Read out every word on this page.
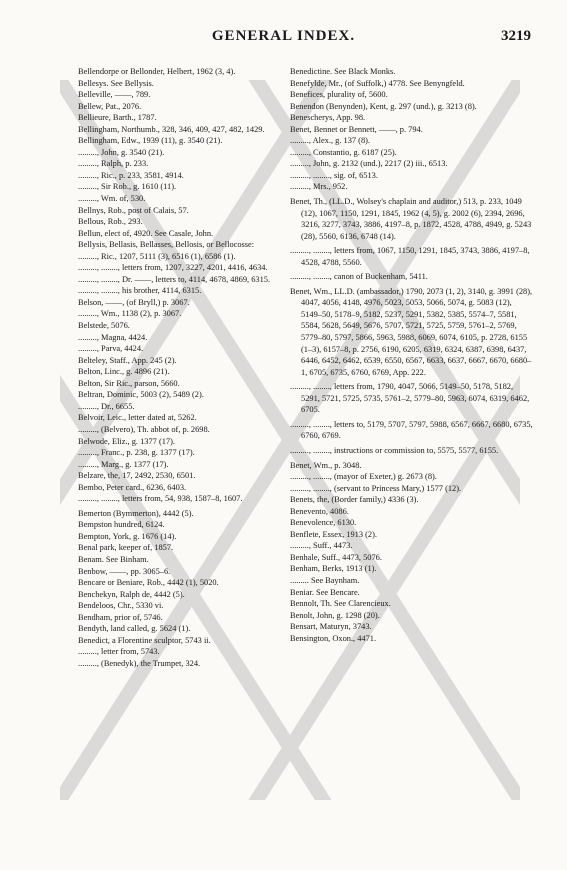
GENERAL INDEX.	3219

Bellendorpe or Bellonder, Helbert, 1962 (3, 4).

Bellesys. See Bellysis.

Belleville, ——, 789.

Bellew, Pat., 2076.

Bellieure, Barth., 1787.

Bellingham, Northumb., 328, 346, 409, 427, 482, 1429.

Bellingham, Edw., 1939 (11), g. 3540 (21).

........., John, g. 3540 (21).

........., Ralph, p. 233.

........., Ric., p. 233, 3581, 4914.

........., Sir Rob., g. 1610 (11).

........., Wm. of, 530.

Bellnys, Rob., post of Calais, 57.

Bellous, Rob., 293.

Bellun, elect of, 4920. See Casale, John.

Bellysis, Bellasis, Bellasses, Bellosis, or Bellocosse:

........., Ric., 1207, 5111 (3), 6516 (1), 6586 (1).

........., ........, letters from, 1207, 3227, 4201, 4416, 4634.

........., ........, Dr. ——, letters to, 4114, 4678, 4869, 6315.

........., ........, his brother, 4114, 6315.

Belson, ——, (of Bryll,) p. 3067.

........., Wm., 1138 (2), p. 3067.

Belstede, 5076.

........., Magna, 4424.

........., Parva, 4424.

Belteley, Staff., App. 245 (2).

Belton, Linc., g. 4896 (21).

Belton, Sir Ric., parson, 5660.

Beltran, Dominic, 5003 (2), 5489 (2).

........., Dr., 6655.

Belvoir, Leic., letter dated at, 5262.

........., (Belvero), Th. abbot of, p. 2698.

Belwode, Eliz., g. 1377 (17).

........., Franc., p. 238, g. 1377 (17).

........., Marg., g. 1377 (17).

Belzare, the, 17, 2492, 2530, 6501.

Bembo, Peter card., 6236, 6403.

........., ........, letters from, 54, 938, 1587–8, 1607.

Bemerton (Bymmerton), 4442 (5).

Bempston hundred, 6124.

Bempton, York, g. 1676 (14).

Benal park, keeper of, 1857.

Benam. See Binham.

Benbow, ——, pp. 3065–6.

Bencare or Beniare, Rob., 4442 (1), 5020.

Benchekyn, Ralph de, 4442 (5).

Bendeloos, Chr., 5330 vi.

Bendham, prior of, 5746.

Bendyth, land called, g. 5624 (1).

Benedict, a Florentine sculptor, 5743 ii.

........., letter from, 5743.

........., (Benedyk), the Trumpet, 324.

Benedictine. See Black Monks.

Benefylde, Mr., (of Suffolk,) 4778. See Benyngfeld.

Benefices, plurality of, 5600.

Benendon (Benynden), Kent, g. 297 (und.), g. 3213 (8).

Benescherys, App. 98.

Benet, Bennet or Bennett, ——, p. 794.

........., Alex., g. 137 (8).

........., Constantio, g. 6187 (25).

........., John, g. 2132 (und.), 2217 (2) iii., 6513.

........., ........, sig. of, 6513.

........., Mrs., 952.

Benet, Th., (LL.D., Wolsey's chaplain and auditor,) 513, p. 233, 1049 (12), 1067, 1150, 1291, 1845, 1962 (4, 5), g. 2002 (6), 2394, 2696, 3216, 3277, 3743, 3886, 4197–8, p. 1872, 4528, 4788, 4949, g. 5243 (28), 5560, 6136, 6748 (14).

........., ........, letters from, 1067, 1150, 1291, 1845, 3743, 3886, 4197–8, 4528, 4788, 5560.

........., ........, canon of Buckenham, 5411.

Benet, Wm., LL.D. (ambassador,) 1790, 2073 (1, 2), 3140, g. 3991 (28), 4047, 4056, 4148, 4976, 5023, 5053, 5066, 5074, g. 5083 (12), 5149–50, 5178–9, 5182, 5237, 5291, 5382, 5385, 5574–7, 5581, 5584, 5628, 5649, 5676, 5707, 5721, 5725, 5759, 5761–2, 5769, 5779–80, 5797, 5866, 5963, 5988, 6069, 6074, 6105, p. 2728, 6155 (1–3), 6157–8, p. 2756, 6190, 6205, 6319, 6324, 6387, 6398, 6437, 6446, 6452, 6462, 6539, 6550, 6567, 6633, 6637, 6667, 6670, 6680–1, 6705, 6735, 6760, 6769, App. 222.

........., ........, letters from, 1790, 4047, 5066, 5149–50, 5178, 5182, 5291, 5721, 5725, 5735, 5761–2, 5779–80, 5963, 6074, 6319, 6462, 6705.

........., ........, letters to, 5179, 5707, 5797, 5988, 6567, 6667, 6680, 6735, 6760, 6769.

........., ........, instructions or commission to, 5575, 5577, 6155.

Benet, Wm., p. 3048.

........., ........, (mayor of Exeter,) g. 2673 (8).

........., ........, (servant to Princess Mary,) 1577 (12).

Benets, the, (Border family,) 4336 (3).

Benevento, 4086.

Benevolence, 6130.

Benflete, Essex, 1913 (2).

........., Suff., 4473.

Benhale, Suff., 4473, 5076.

Benham, Berks, 1913 (1).

......... See Baynham.

Beniar. See Bencare.

Bennolt, Th. See Clarencieux.

Benolt, John, g. 1298 (20).

Bensart, Maturyn, 3743.

Bensington, Oxon., 4471.
